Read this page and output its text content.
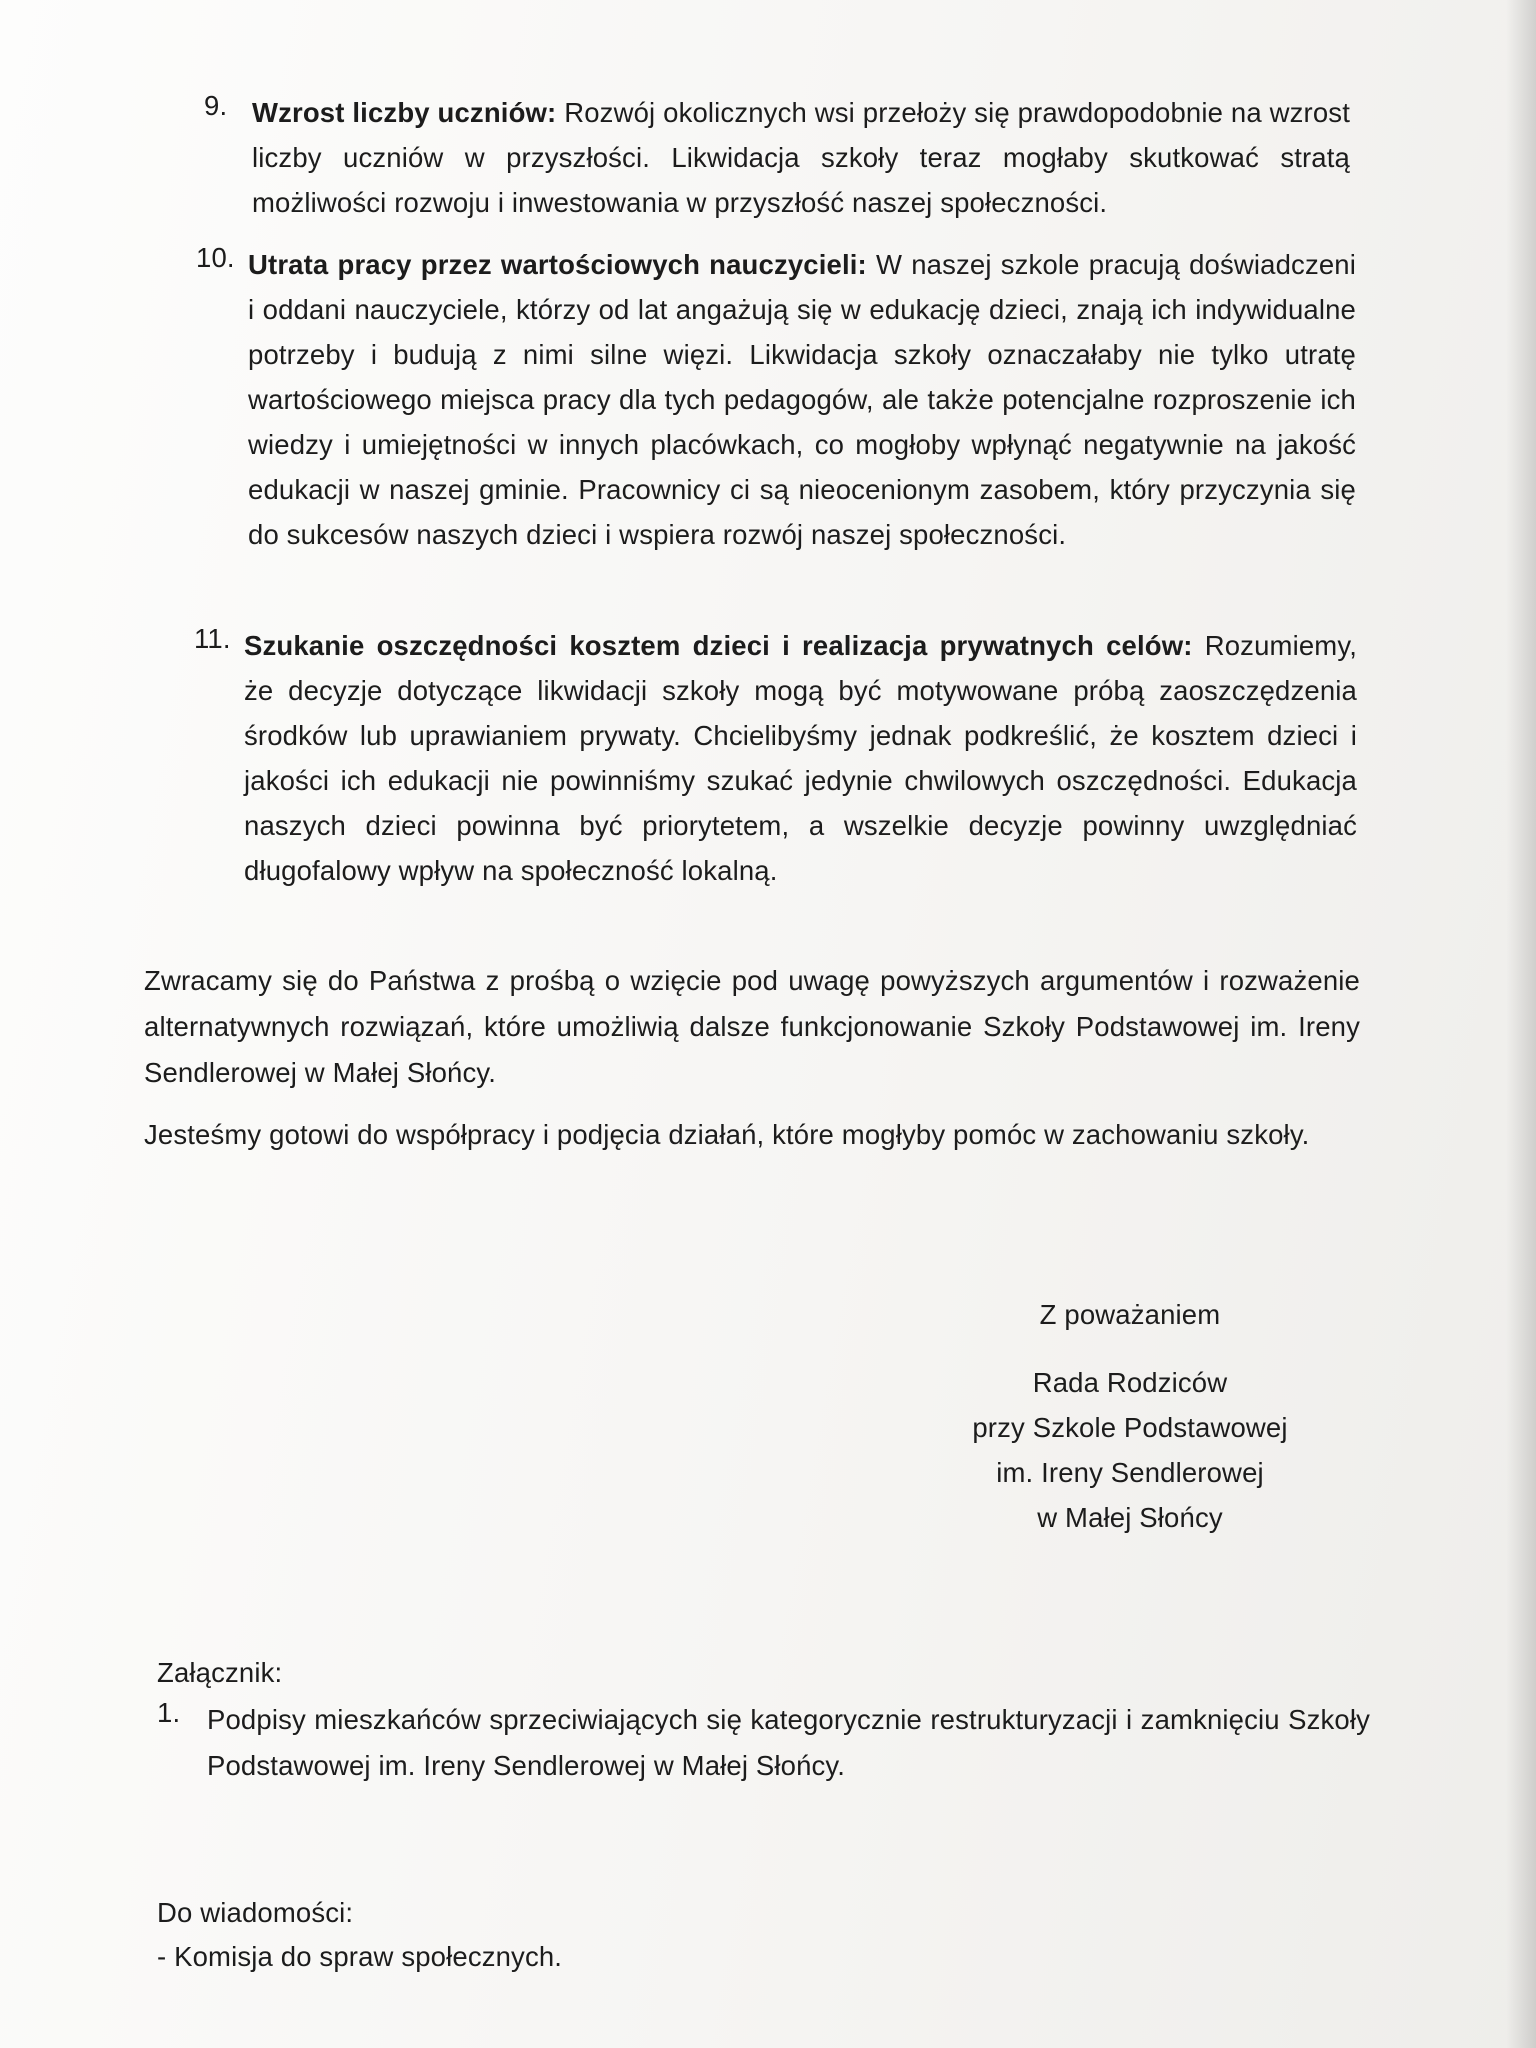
9. Wzrost liczby uczniów: Rozwój okolicznych wsi przełoży się prawdopodobnie na wzrost liczby uczniów w przyszłości. Likwidacja szkoły teraz mogłaby skutkować stratą możliwości rozwoju i inwestowania w przyszłość naszej społeczności.
10. Utrata pracy przez wartościowych nauczycieli: W naszej szkole pracują doświadczeni i oddani nauczyciele, którzy od lat angażują się w edukację dzieci, znają ich indywidualne potrzeby i budują z nimi silne więzi. Likwidacja szkoły oznaczałaby nie tylko utratę wartościowego miejsca pracy dla tych pedagogów, ale także potencjalne rozproszenie ich wiedzy i umiejętności w innych placówkach, co mogłoby wpłynąć negatywnie na jakość edukacji w naszej gminie. Pracownicy ci są nieocenionym zasobem, który przyczynia się do sukcesów naszych dzieci i wspiera rozwój naszej społeczności.
11. Szukanie oszczędności kosztem dzieci i realizacja prywatnych celów: Rozumiemy, że decyzje dotyczące likwidacji szkoły mogą być motywowane próbą zaoszczędzenia środków lub uprawianiem prywaty. Chcielibyśmy jednak podkreślić, że kosztem dzieci i jakości ich edukacji nie powinniśmy szukać jedynie chwilowych oszczędności. Edukacja naszych dzieci powinna być priorytetem, a wszelkie decyzje powinny uwzględniać długofalowy wpływ na społeczność lokalną.

Zwracamy się do Państwa z prośbą o wzięcie pod uwagę powyższych argumentów i rozważenie alternatywnych rozwiązań, które umożliwią dalsze funkcjonowanie Szkoły Podstawowej im. Ireny Sendlerowej w Małej Słońcy.

Jesteśmy gotowi do współpracy i podjęcia działań, które mogłyby pomóc w zachowaniu szkoły.

Z poważaniem
Rada Rodziców
przy Szkole Podstawowej
im. Ireny Sendlerowej
w Małej Słońcy
Załącznik:
1. Podpisy mieszkańców sprzeciwiających się kategorycznie restrukturyzacji i zamknięciu Szkoły Podstawowej im. Ireny Sendlerowej w Małej Słońcy.
Do wiadomości:
- Komisja do spraw społecznych.
